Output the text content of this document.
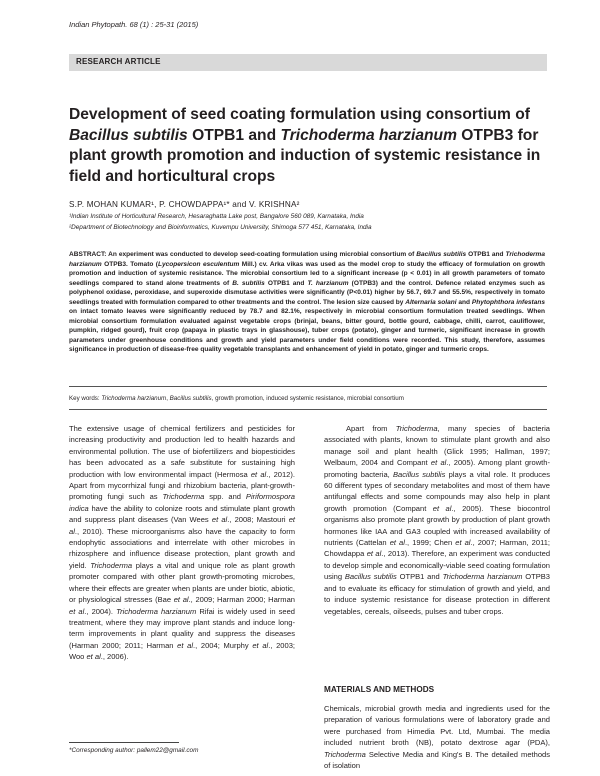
Indian Phytopath. 68 (1) : 25-31 (2015)
RESEARCH ARTICLE
Development of seed coating formulation using consortium of Bacillus subtilis OTPB1 and Trichoderma harzianum OTPB3 for plant growth promotion and induction of systemic resistance in field and horticultural crops
S.P. MOHAN KUMAR¹, P. CHOWDAPPA¹* and V. KRISHNA²
¹Indian Institute of Horticultural Research, Hesaraghatta Lake post, Bangalore 560 089, Karnataka, India
²Department of Biotechnology and Bioinformatics, Kuvempu University, Shimoga 577 451, Karnataka, India

ABSTRACT: An experiment was conducted to develop seed-coating formulation using microbial consortium of Bacillus subtilis OTPB1 and Trichoderma harzianum OTPB3. Tomato (Lycopersicon esculentum Mill.) cv. Arka vikas was used as the model crop to study the efficacy of formulation on growth promotion and induction of systemic resistance. The microbial consortium led to a significant increase (p < 0.01) in all growth parameters of tomato seedlings compared to stand alone treatments of B. subtilis OTPB1 and T. harzianum (OTPB3) and the control. Defence related enzymes such as polyphenol oxidase, peroxidase, and superoxide dismutase activities were significantly (P<0.01) higher by 56.7, 69.7 and 55.5%, respectively in tomato seedlings treated with formulation compared to other treatments and the control. The lesion size caused by Alternaria solani and Phytophthora infestans on intact tomato leaves were significantly reduced by 78.7 and 82.1%, respectively in microbial consortium formulation treated seedlings. When microbial consortium formulation evaluated against vegetable crops (brinjal, beans, bitter gourd, bottle gourd, cabbage, chilli, carrot, cauliflower, pumpkin, ridged gourd), fruit crop (papaya in plastic trays in glasshouse), tuber crops (potato), ginger and turmeric, significant increase in growth parameters under greenhouse conditions and growth and yield parameters under field conditions were recorded. This study, therefore, assumes significance in production of disease-free quality vegetable transplants and enhancement of yield in potato, ginger and turmeric crops.

Key words: Trichoderma harzianum, Bacillus subtilis, growth promotion, induced systemic resistance, microbial consortium

The extensive usage of chemical fertilizers and pesticides for increasing productivity and production led to health hazards and environmental pollution. The use of biofertilizers and biopesticides has been advocated as a safe substitute for sustaining high production with low environmental impact (Hermosa et al., 2012). Apart from mycorrhizal fungi and rhizobium bacteria, plant-growth-promoting fungi such as Trichoderma spp. and Piriformospora indica have the ability to colonize roots and stimulate plant growth and suppress plant diseases (Van Wees et al., 2008; Mastouri et al., 2010). These microorganisms also have the capacity to form endophytic associations and interrelate with other microbes in rhizosphere and influence disease protection, plant growth and yield. Trichoderma plays a vital and unique role as plant growth promoter compared with other plant growth-promoting microbes, where their effects are greater when plants are under biotic, abiotic, or physiological stresses (Bae et al., 2009; Harman 2000; Harman et al., 2004). Trichoderma harzianum Rifai is widely used in seed treatment, where they may improve plant stands and induce long-term improvements in plant quality and suppress the diseases (Harman 2000; 2011; Harman et al., 2004; Murphy et al., 2003; Woo et al., 2006).

Apart from Trichoderma, many species of bacteria associated with plants, known to stimulate plant growth and also manage soil and plant health (Glick 1995; Hallman, 1997; Welbaum, 2004 and Compant et al., 2005). Among plant growth-promoting bacteria, Bacillus subtilis plays a vital role. It produces 60 different types of secondary metabolites and most of them have antifungal effects and some compounds may also help in plant growth promotion (Compant et al., 2005). These biocontrol organisms also promote plant growth by production of plant growth hormones like IAA and GA3 coupled with increased availability of nutrients (Cattelan et al., 1999; Chen et al., 2007; Harman, 2011; Chowdappa et al., 2013). Therefore, an experiment was conducted to develop simple and economically-viable seed coating formulation using Bacillus subtilis OTPB1 and Trichoderma harzianum OTPB3 and to evaluate its efficacy for stimulation of growth and yield, and to induce systemic resistance for disease protection in different vegetables, cereals, oilseeds, pulses and tuber crops.

MATERIALS AND METHODS

Chemicals, microbial growth media and ingredients used for the preparation of various formulations were of laboratory grade and were purchased from Himedia Pvt. Ltd, Mumbai. The media included nutrient broth (NB), potato dextrose agar (PDA), Trichoderma Selective Media and King's B. The detailed methods of isolation

*Corresponding author: pallem22@gmail.com
